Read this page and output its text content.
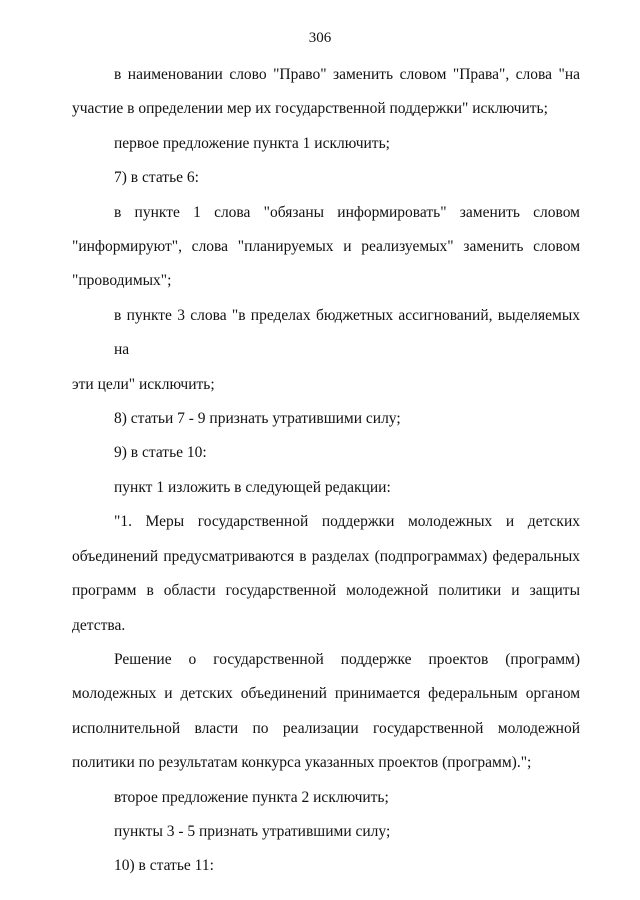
306
в наименовании слово "Право" заменить словом "Права", слова "на
участие в определении мер их государственной поддержки" исключить;
первое предложение пункта 1 исключить;
7) в статье 6:
в пункте 1 слова "обязаны информировать" заменить словом
"информируют", слова "планируемых и реализуемых" заменить словом
"проводимых";
в пункте 3 слова "в пределах бюджетных ассигнований, выделяемых на
эти цели" исключить;
8) статьи 7 - 9 признать утратившими силу;
9) в статье 10:
пункт 1 изложить в следующей редакции:
"1. Меры государственной поддержки молодежных и детских
объединений предусматриваются в разделах (подпрограммах) федеральных
программ в области государственной молодежной политики и защиты
детства.
Решение о государственной поддержке проектов (программ)
молодежных и детских объединений принимается федеральным органом
исполнительной власти по реализации государственной молодежной
политики по результатам конкурса указанных проектов (программ).";
второе предложение пункта 2 исключить;
пункты 3 - 5 признать утратившими силу;
10) в статье 11:
